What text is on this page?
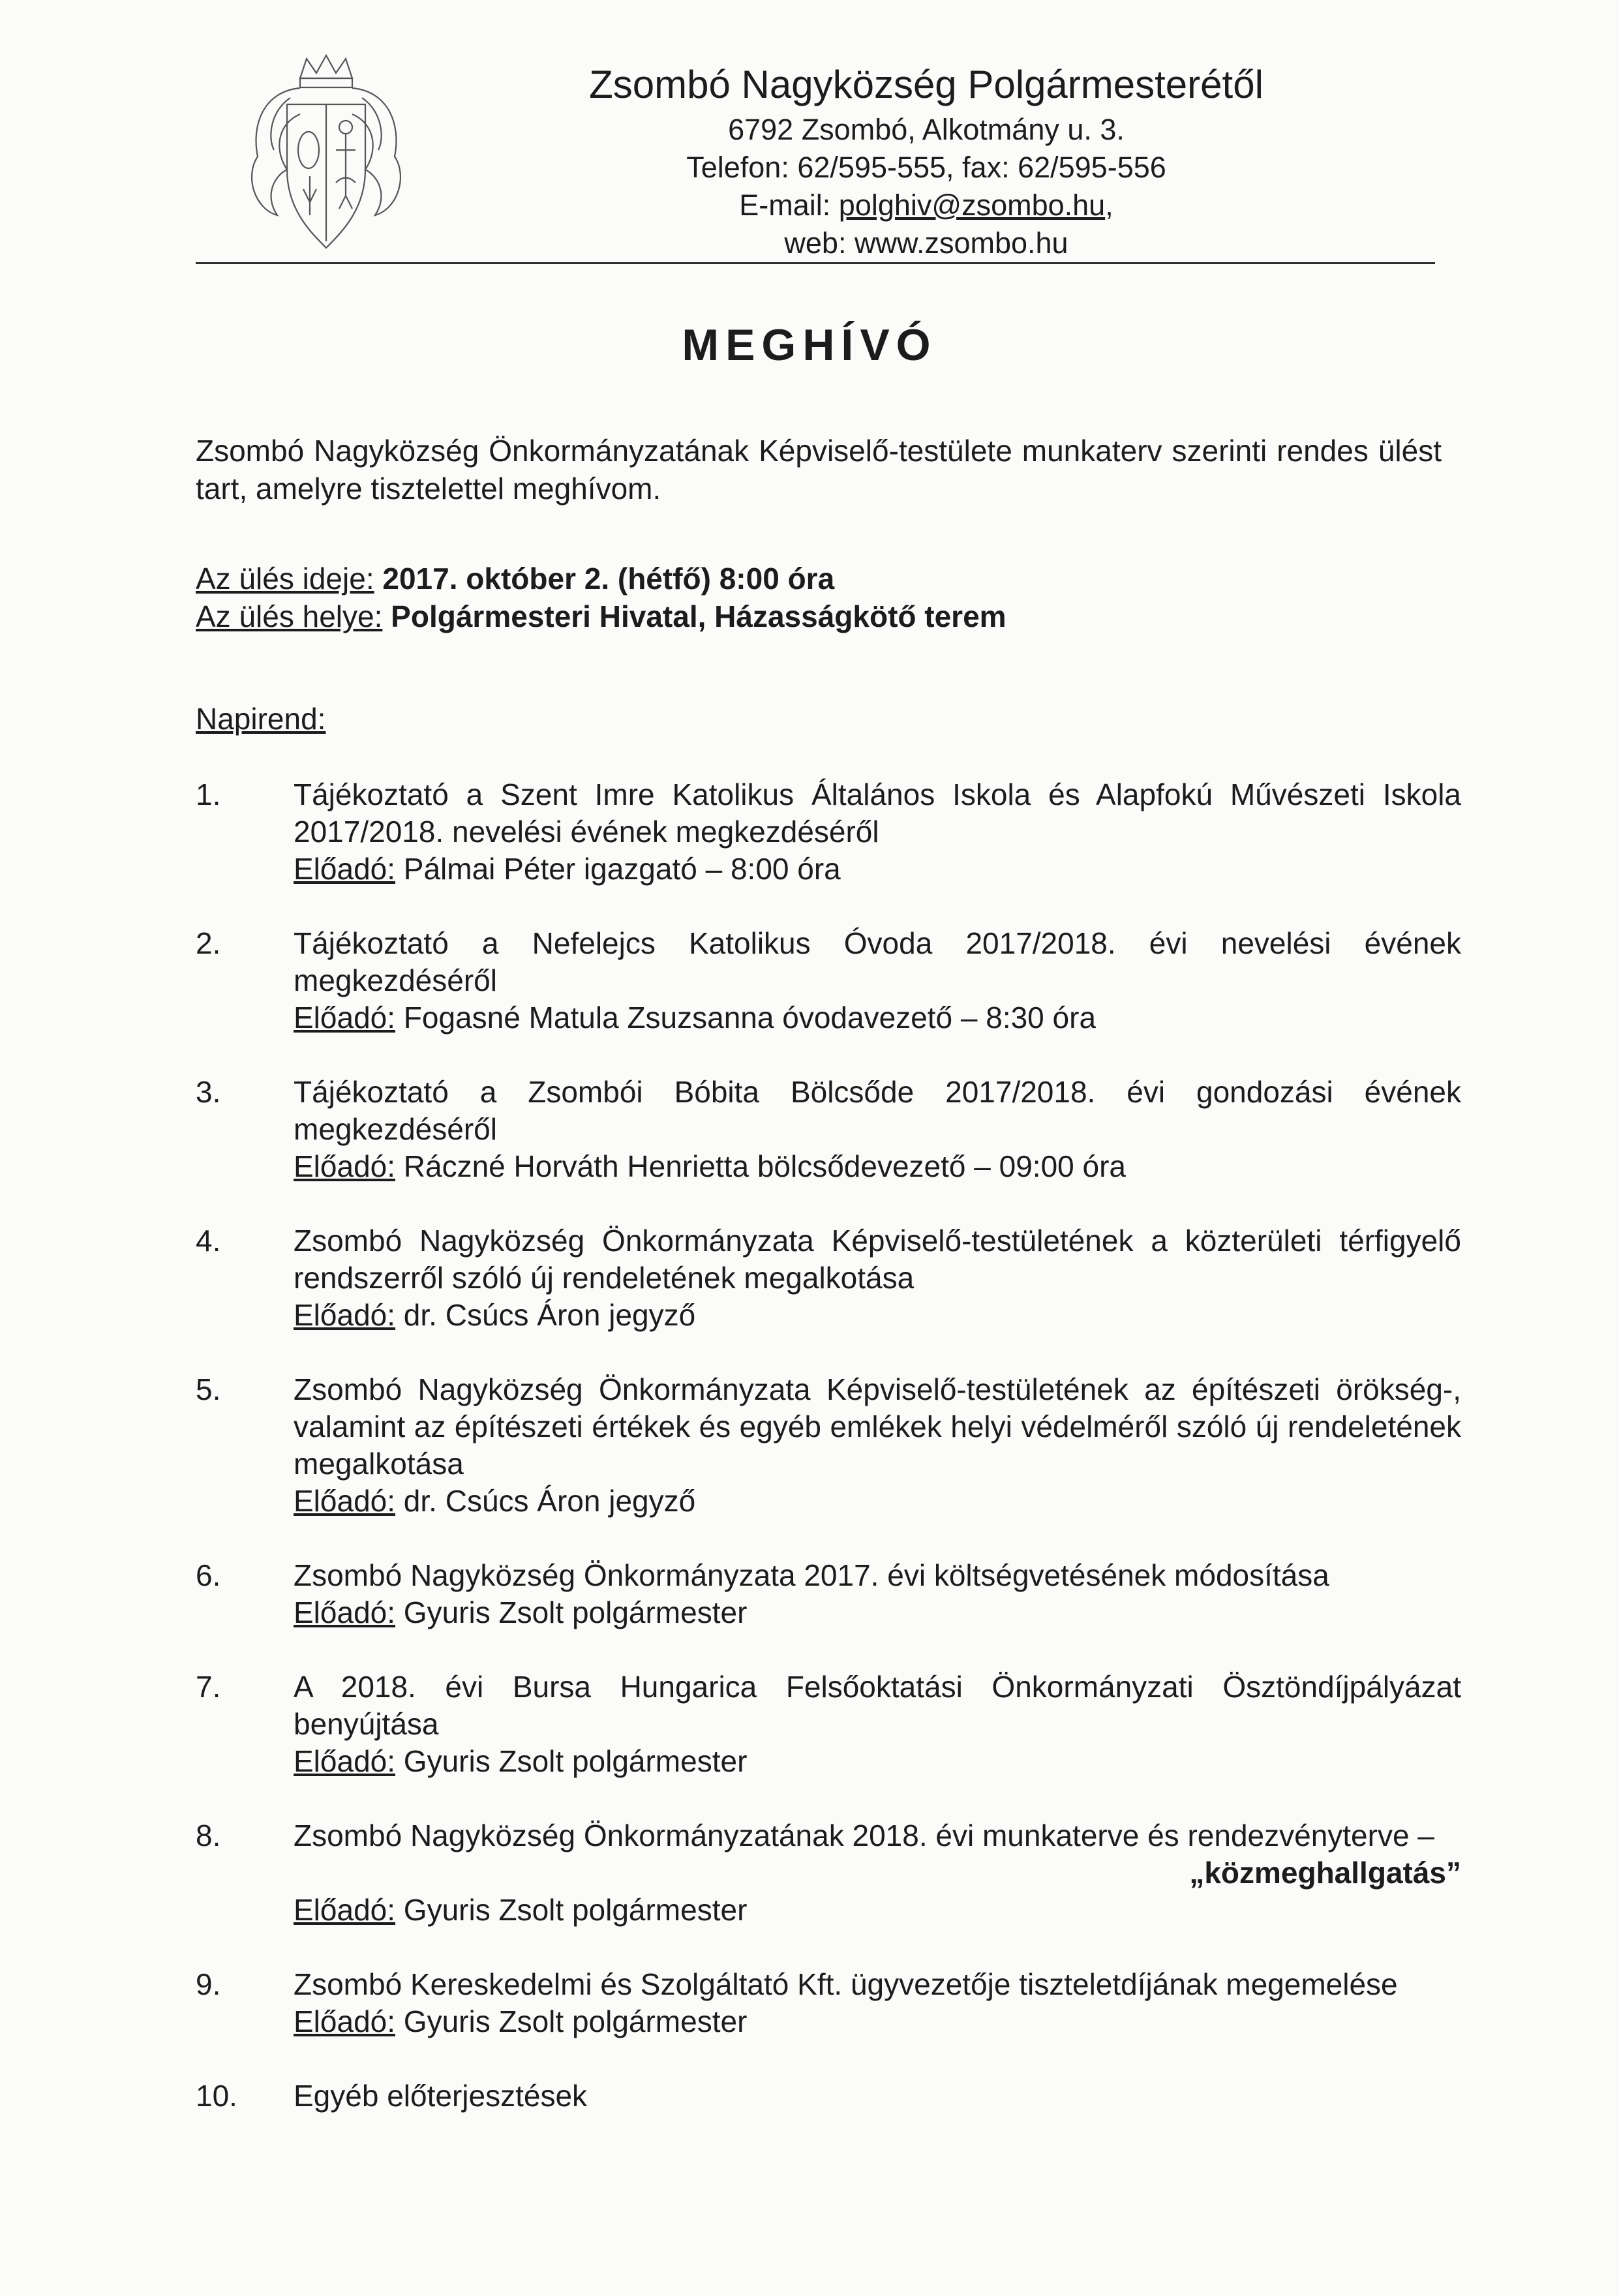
Zsombó Nagyközség Polgármesterétől
6792 Zsombó, Alkotmány u. 3.
Telefon: 62/595-555, fax: 62/595-556
E-mail: polghiv@zsombo.hu,
web: www.zsombo.hu
MEGHÍVÓ
Zsombó Nagyközség Önkormányzatának Képviselő-testülete munkaterv szerinti rendes ülést tart, amelyre tisztelettel meghívom.
Az ülés ideje: 2017. október 2. (hétfő) 8:00 óra
Az ülés helye: Polgármesteri Hivatal, Házasságkötő terem
Napirend:
1.	Tájékoztató a Szent Imre Katolikus Általános Iskola és Alapfokú Művészeti Iskola 2017/2018. nevelési évének megkezdéséről
Előadó: Pálmai Péter igazgató – 8:00 óra
2.	Tájékoztató a Nefelejcs Katolikus Óvoda 2017/2018. évi nevelési évének megkezdéséről
Előadó: Fogasné Matula Zsuzsanna óvodavezető – 8:30 óra
3.	Tájékoztató a Zsombói Bóbita Bölcsőde 2017/2018. évi gondozási évének megkezdéséről
Előadó: Ráczné Horváth Henrietta bölcsődevezető – 09:00 óra
4.	Zsombó Nagyközség Önkormányzata Képviselő-testületének a közterületi térfigyelő rendszerről szóló új rendeletének megalkotása
Előadó: dr. Csúcs Áron jegyző
5.	Zsombó Nagyközség Önkormányzata Képviselő-testületének az építészeti örökség-, valamint az építészeti értékek és egyéb emlékek helyi védelméről szóló új rendeletének megalkotása
Előadó: dr. Csúcs Áron jegyző
6.	Zsombó Nagyközség Önkormányzata 2017. évi költségvetésének módosítása
Előadó: Gyuris Zsolt polgármester
7.	A 2018. évi Bursa Hungarica Felsőoktatási Önkormányzati Ösztöndíjpályázat benyújtása
Előadó: Gyuris Zsolt polgármester
8.	Zsombó Nagyközség Önkormányzatának 2018. évi munkaterve és rendezvényterve –
„közmeghallgatás”
Előadó: Gyuris Zsolt polgármester
9.	Zsombó Kereskedelmi és Szolgáltató Kft. ügyvezetője tiszteletdíjának megemelése
Előadó: Gyuris Zsolt polgármester
10.	Egyéb előterjesztések
